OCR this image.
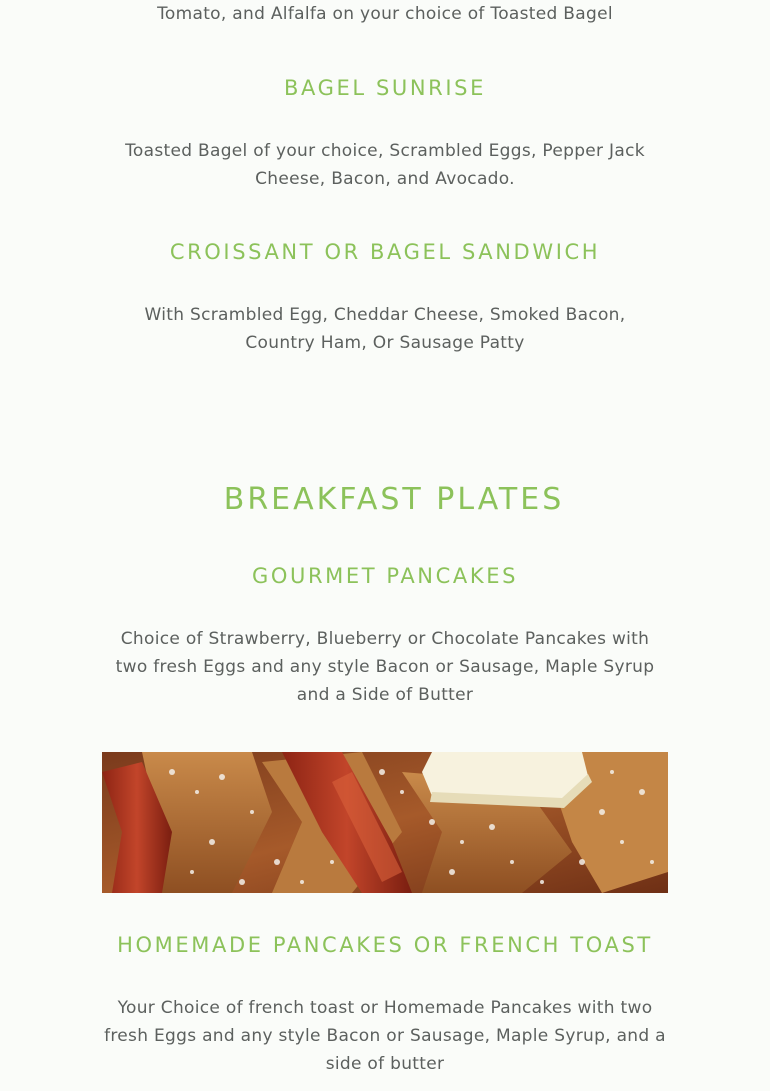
Tomato, and Alfalfa on your choice of Toasted Bagel

BAGEL SUNRISE

Toasted Bagel of your choice, Scrambled Eggs, Pepper Jack Cheese, Bacon, and Avocado.

CROISSANT OR BAGEL SANDWICH

With Scrambled Egg, Cheddar Cheese, Smoked Bacon, Country Ham, Or Sausage Patty

BREAKFAST PLATES
GOURMET PANCAKES

Choice of Strawberry, Blueberry or Chocolate Pancakes with two fresh Eggs and any style Bacon or Sausage, Maple Syrup and a Side of Butter

HOMEMADE PANCAKES OR FRENCH TOAST

Your Choice of french toast or Homemade Pancakes with two fresh Eggs and any style Bacon or Sausage, Maple Syrup, and a side of butter
